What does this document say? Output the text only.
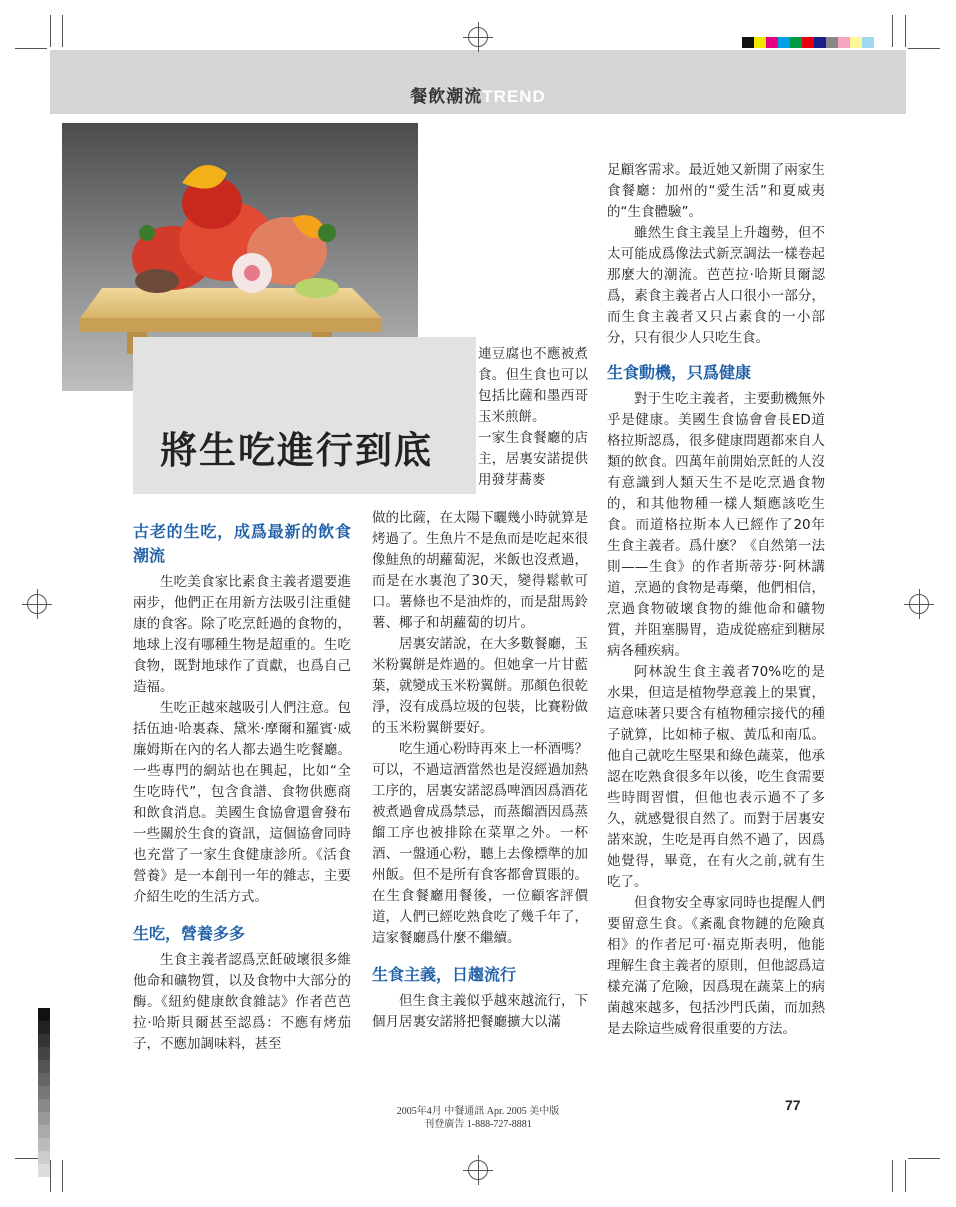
餐飲潮流TREND
將生吃進行到底

連豆腐也不應被煮食。但生食也可以包括比薩和墨西哥玉米煎餅。

一家生食餐廳的店主，居裏安諾提供用發芽蕎麥

古老的生吃，成爲最新的飲食潮流

生吃美食家比素食主義者還要進兩步，他們正在用新方法吸引注重健康的食客。除了吃烹飪過的食物的，地球上沒有哪種生物是超重的。生吃食物，既對地球作了貢獻，也爲自己造福。

生吃正越來越吸引人們注意。包括伍迪·哈裏森、黛米·摩爾和羅賓·威廉姆斯在內的名人都去過生吃餐廳。一些專門的網站也在興起，比如“全生吃時代”，包含食譜、食物供應商和飲食消息。美國生食協會還會發布一些關於生食的資訊，這個協會同時也充當了一家生食健康診所。《活食營養》是一本創刊一年的雜志，主要介紹生吃的生活方式。

生吃，營養多多

生食主義者認爲烹飪破壞很多維他命和礦物質，以及食物中大部分的酶。《紐約健康飲食雜誌》作者芭芭拉·哈斯貝爾甚至認爲：不應有烤茄子，不應加調味料，甚至

做的比薩，在太陽下曬幾小時就算是烤過了。生魚片不是魚而是吃起來很像鮭魚的胡蘿蔔泥，米飯也沒煮過，而是在水裏泡了30天，變得鬆軟可口。薯條也不是油炸的，而是甜馬鈴薯、椰子和胡蘿蔔的切片。

居裏安諾說，在大多數餐廳，玉米粉翼餅是炸過的。但她拿一片甘藍葉，就變成玉米粉翼餅。那顏色很乾淨，沒有成爲垃圾的包裝，比賽粉做的玉米粉翼餅要好。

吃生通心粉時再來上一杯酒嗎？可以，不過這酒當然也是沒經過加熱工序的，居裏安諾認爲啤酒因爲酒花被煮過會成爲禁忌，而蒸餾酒因爲蒸餾工序也被排除在菜單之外。一杯酒、一盤通心粉，聽上去像標準的加州飯。但不是所有食客都會買賬的。在生食餐廳用餐後，一位顧客評價道，人們已經吃熟食吃了幾千年了，這家餐廳爲什麼不繼續。

生食主義，日趨流行

但生食主義似乎越來越流行，下個月居裏安諾將把餐廳擴大以滿

足顧客需求。最近她又新開了兩家生食餐廳：加州的“愛生活”和夏威夷的“生食體驗”。

雖然生食主義呈上升趨勢，但不太可能成爲像法式新烹調法一樣卷起那麼大的潮流。芭芭拉·哈斯貝爾認爲，素食主義者占人口很小一部分，而生食主義者又只占素食的一小部分，只有很少人只吃生食。

生食動機，只爲健康

對于生吃主義者，主要動機無外乎是健康。美國生食協會會長ED道格拉斯認爲，很多健康問題都來自人類的飲食。四萬年前開始烹飪的人沒有意識到人類天生不是吃烹過食物的，和其他物種一樣人類應該吃生食。而道格拉斯本人已經作了20年生食主義者。爲什麽？《自然第一法則——生食》的作者斯蒂芬·阿林講道，烹過的食物是毒藥，他們相信，烹過食物破壞食物的維他命和礦物質，并阻塞腸胃，造成從癌症到糖尿病各種疾病。

阿林說生食主義者70%吃的是水果，但這是植物學意義上的果實，這意味著只要含有植物種宗接代的種子就算，比如柿子椒、黃瓜和南瓜。他自己就吃生堅果和綠色蔬菜，他承認在吃熟食很多年以後，吃生食需要些時間習慣，但他也表示過不了多久，就感覺很自然了。而對于居裏安諾來說，生吃是再自然不過了，因爲她覺得，畢竟，在有火之前,就有生吃了。

但食物安全專家同時也提醒人們要留意生食。《紊亂食物鏈的危險真相》的作者尼可·福克斯表明，他能理解生食主義者的原則，但他認爲這樣充滿了危險，因爲現在蔬菜上的病菌越來越多，包括沙門氏菌，而加熱是去除這些威脅很重要的方法。

2005年4月 中餐通訊 Apr. 2005 美中版
刊登廣告 1-888-727-8881
77
